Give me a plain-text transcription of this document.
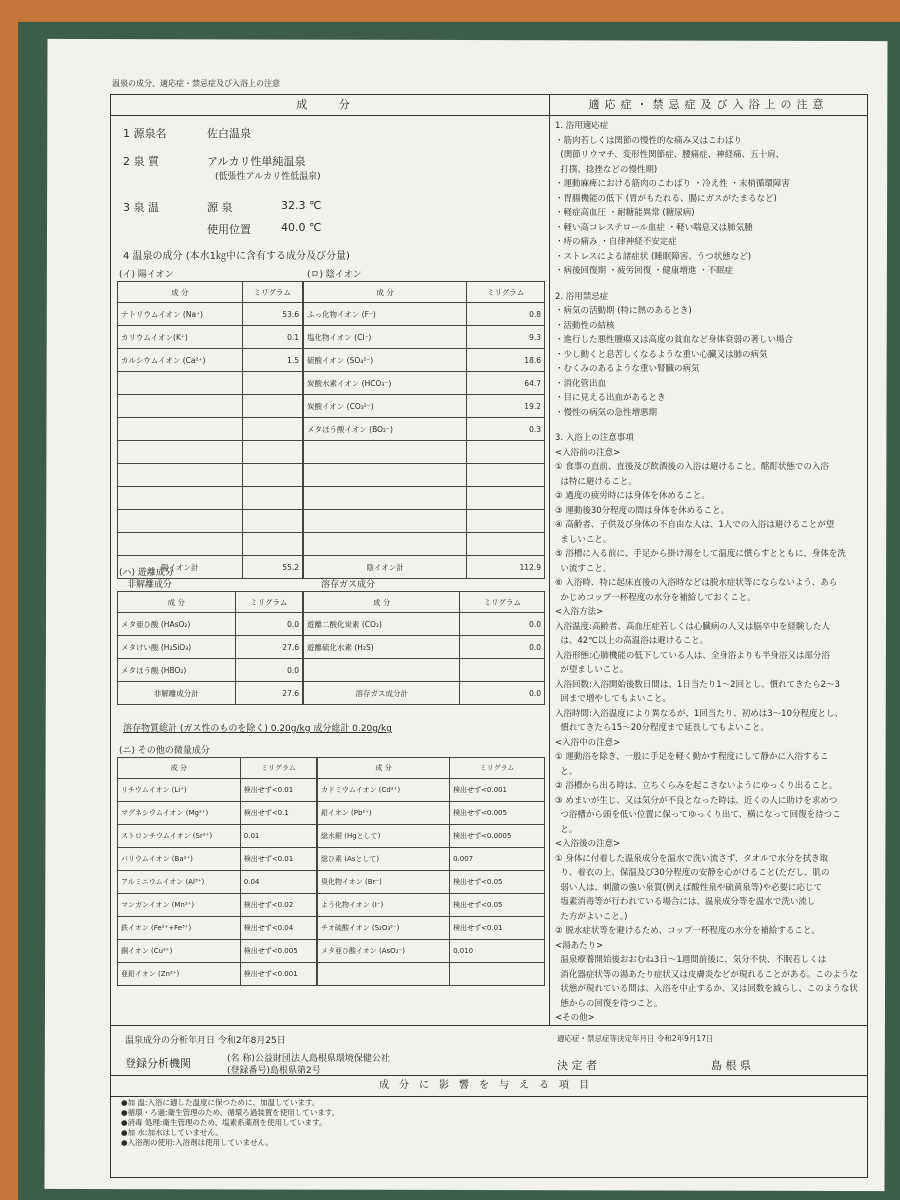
温泉の成分、適応症・禁忌症及び入浴上の注意
成 分	適応症・禁忌症及び入浴上の注意
1 源泉名	佐白温泉
2 泉 質	アルカリ性単純温泉
(低張性アルカリ性低温泉)
3 泉 温	源 泉	32.3 ℃
使用位置	40.0 ℃
4 温泉の成分 (本水1㎏中に含有する成分及び分量)
(イ) 陽イオン	(ロ) 陰イオン
成 分	ミリグラム
ナトリウムイオン (Na⁺)	53.6
カリウムイオン(K⁺)	0.1
カルシウムイオン (Ca²⁺)	1.5

陽イオン計	55.2
成 分	ミリグラム
ふっ化物イオン (F⁻)	0.8
塩化物イオン (Cl⁻)	9.3
硫酸イオン (SO₄²⁻)	18.6
炭酸水素イオン (HCO₃⁻)	64.7
炭酸イオン (CO₃²⁻)	19.2
メタほう酸イオン (BO₂⁻)	0.3

陰イオン計	112.9
(ハ) 遊離成分
非解離成分	溶存ガス成分
成 分	ミリグラム
メタ亜ひ酸 (HAsO₂)	0.0
メタけい酸 (H₂SiO₃)	27.6
メタほう酸 (HBO₂)	0.0
非解離成分計	27.6
成 分	ミリグラム
遊離二酸化炭素 (CO₂)	0.0
遊離硫化水素 (H₂S)	0.0

溶存ガス成分計	0.0
溶存物質総計 (ガス性のものを除く) 0.20g/kg 成分総計 0.20g/kg
(ニ) その他の微量成分
成 分	ミリグラム
リチウムイオン (Li⁺)	検出せず<0.01
マグネシウムイオン (Mg²⁺)	検出せず<0.1
ストロンチウムイオン (Sr²⁺)	0.01
バリウムイオン (Ba²⁺)	検出せず<0.01
アルミニウムイオン (Al³⁺)	0.04
マンガンイオン (Mn²⁺)	検出せず<0.02
鉄イオン (Fe²⁺+Fe³⁺)	検出せず<0.04
銅イオン (Cu²⁺)	検出せず<0.005
亜鉛イオン (Zn²⁺)	検出せず<0.001
成 分	ミリグラム
カドミウムイオン (Cd²⁺)	検出せず<0.001
鉛イオン (Pb²⁺)	検出せず<0.005
総水銀 (Hgとして)	検出せず<0.0005
総ひ素 (Asとして)	0.007
臭化物イオン (Br⁻)	検出せず<0.05
よう化物イオン (I⁻)	検出せず<0.05
チオ硫酸イオン (S₂O₃²⁻)	検出せず<0.01
メタ亜ひ酸イオン (AsO₂⁻)	0.010

温泉成分の分析年月日 令和2年8月25日
登録分析機関	(名 称)公益財団法人島根県環境保健公社
(登録番号)島根県第2号
適応症・禁忌症等決定年月日 令和2年9月17日
決 定 者	島 根 県
1. 浴用適応症
・筋肉若しくは関節の慢性的な痛み又はこわばり
(関節リウマチ、変形性関節症、腰痛症、神経痛、五十肩、
打撲、捻挫などの慢性期)
・運動麻痺における筋肉のこわばり ・冷え性 ・末梢循環障害
・胃腸機能の低下 (胃がもたれる、腸にガスがたまるなど)
・軽症高血圧 ・耐糖能異常 (糖尿病)
・軽い高コレステロール血症 ・軽い喘息又は肺気腫
・痔の痛み ・自律神経不安定症
・ストレスによる諸症状 (睡眠障害、うつ状態など)
・病後回復期 ・疲労回復 ・健康増進 ・不眠症
2. 浴用禁忌症
・病気の活動期 (特に熱のあるとき)
・活動性の結核
・進行した悪性腫瘍又は高度の貧血など身体衰弱の著しい場合
・少し動くと息苦しくなるような重い心臓又は肺の病気
・むくみのあるような重い腎臓の病気
・消化管出血
・目に見える出血があるとき
・慢性の病気の急性増悪期
3. 入浴上の注意事項
<入浴前の注意>
① 食事の直前、直後及び飲酒後の入浴は避けること。酩酊状態での入浴
は特に避けること。
② 過度の疲労時には身体を休めること。
③ 運動後30分程度の間は身体を休めること。
④ 高齢者、子供及び身体の不自由な人は、1人での入浴は避けることが望
ましいこと。
⑤ 浴槽に入る前に、手足から掛け湯をして温度に慣らすとともに、身体を洗
い流すこと。
⑥ 入浴時、特に起床直後の入浴時などは脱水症状等にならないよう、あら
かじめコップ一杯程度の水分を補給しておくこと。
<入浴方法>
入浴温度:高齢者、高血圧症若しくは心臓病の人又は脳卒中を経験した人
は、42℃以上の高温浴は避けること。
入浴形態:心肺機能の低下している人は、全身浴よりも半身浴又は部分浴
が望ましいこと。
入浴回数:入浴開始後数日間は、1日当たり1〜2回とし、慣れてきたら2〜3
回まで増やしてもよいこと。
入浴時間:入浴温度により異なるが、1回当たり、初めは3〜10分程度とし、
慣れてきたら15〜20分程度まで延長してもよいこと。
<入浴中の注意>
① 運動浴を除き、一般に手足を軽く動かす程度にして静かに入浴するこ
と。
② 浴槽から出る時は、立ちくらみを起こさないようにゆっくり出ること。
③ めまいが生じ、又は気分が不良となった時は、近くの人に助けを求めつ
つ浴槽から頭を低い位置に保ってゆっくり出て、横になって回復を待つこ
と。
<入浴後の注意>
① 身体に付着した温泉成分を温水で洗い流さず、タオルで水分を拭き取
り、着衣の上、保温及び30分程度の安静を心がけること(ただし、肌の
弱い人は、刺激の強い泉質(例えば酸性泉や硫黄泉等)や必要に応じて
塩素消毒等が行われている場合には、温泉成分等を温水で洗い流し
た方がよいこと。)
② 脱水症状等を避けるため、コップ一杯程度の水分を補給すること。
<湯あたり>
温泉療養開始後おおむね3日〜1週間前後に、気分不快、不眠若しくは
消化器症状等の湯あたり症状又は皮膚炎などが現れることがある。このような
状態が現れている間は、入浴を中止するか、又は回数を減らし、このような状
態からの回復を待つこと。
<その他>
成分に影響を与える項目
●加 温:入浴に適した温度に保つために、加温しています。
●循環・ろ過:衛生管理のため、循環ろ過装置を使用しています。
●消毒 処理:衛生管理のため、塩素系薬剤を使用しています。
●加 水:加水はしていません。
●入浴剤の使用:入浴剤は使用していません。
